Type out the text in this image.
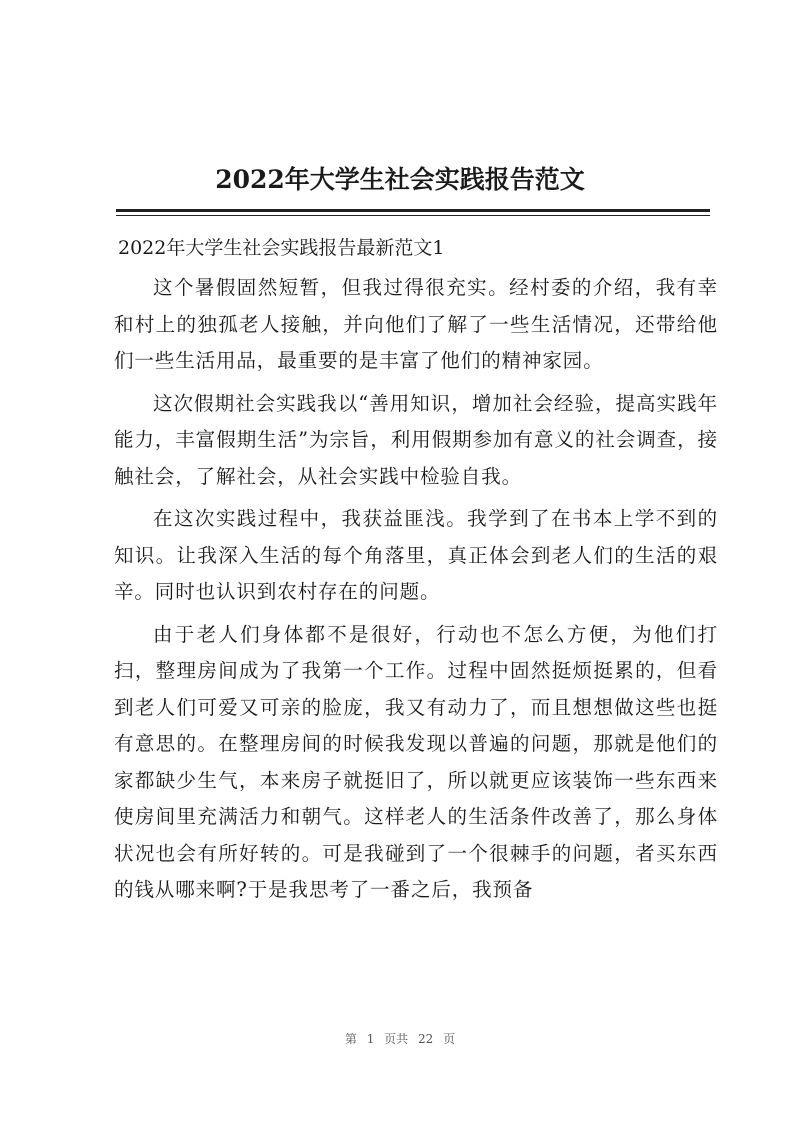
2022年大学生社会实践报告范文
2022年大学生社会实践报告最新范文1

这个暑假固然短暂，但我过得很充实。经村委的介绍，我有幸和村上的独孤老人接触，并向他们了解了一些生活情况，还带给他们一些生活用品，最重要的是丰富了他们的精神家园。

这次假期社会实践我以“善用知识，增加社会经验，提高实践年能力，丰富假期生活”为宗旨，利用假期参加有意义的社会调查，接触社会，了解社会，从社会实践中检验自我。

在这次实践过程中，我获益匪浅。我学到了在书本上学不到的知识。让我深入生活的每个角落里，真正体会到老人们的生活的艰辛。同时也认识到农村存在的问题。

由于老人们身体都不是很好，行动也不怎么方便，为他们打扫，整理房间成为了我第一个工作。过程中固然挺烦挺累的，但看到老人们可爱又可亲的脸庞，我又有动力了，而且想想做这些也挺有意思的。在整理房间的时候我发现以普遍的问题，那就是他们的家都缺少生气，本来房子就挺旧了，所以就更应该装饰一些东西来使房间里充满活力和朝气。这样老人的生活条件改善了，那么身体状况也会有所好转的。可是我碰到了一个很棘手的问题，者买东西的钱从哪来啊?于是我思考了一番之后，我预备

第 1 页共 22 页
